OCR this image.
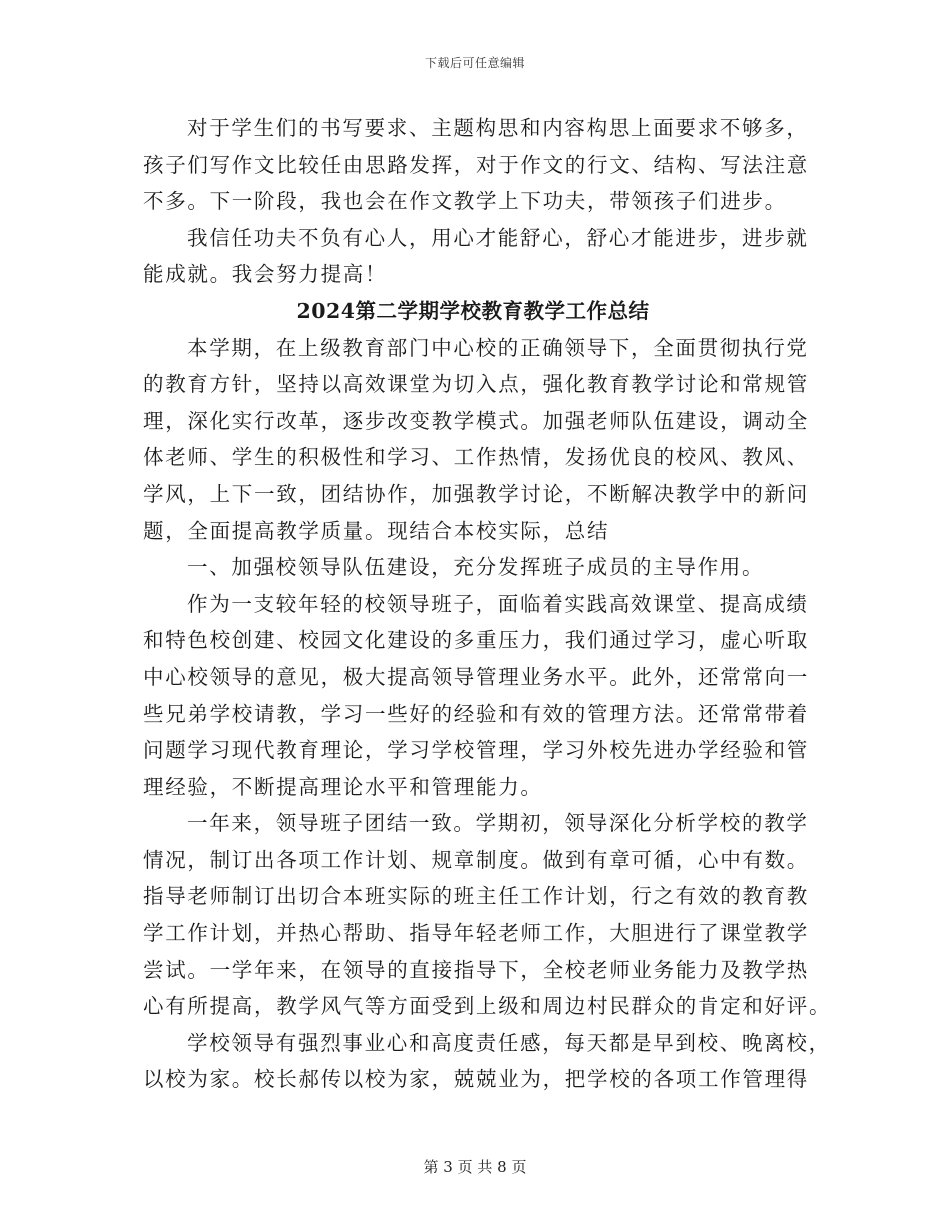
下载后可任意编辑
对于学生们的书写要求、主题构思和内容构思上面要求不够多，
孩子们写作文比较任由思路发挥，对于作文的行文、结构、写法注意
不多。下一阶段，我也会在作文教学上下功夫，带领孩子们进步。
我信任功夫不负有心人，用心才能舒心，舒心才能进步，进步就
能成就。我会努力提高！
2024第二学期学校教育教学工作总结
本学期，在上级教育部门中心校的正确领导下，全面贯彻执行党
的教育方针，坚持以高效课堂为切入点，强化教育教学讨论和常规管
理，深化实行改革，逐步改变教学模式。加强老师队伍建设，调动全
体老师、学生的积极性和学习、工作热情，发扬优良的校风、教风、
学风，上下一致，团结协作，加强教学讨论，不断解决教学中的新问
题，全面提高教学质量。现结合本校实际，总结
一、加强校领导队伍建设，充分发挥班子成员的主导作用。
作为一支较年轻的校领导班子，面临着实践高效课堂、提高成绩
和特色校创建、校园文化建设的多重压力，我们通过学习，虚心听取
中心校领导的意见，极大提高领导管理业务水平。此外，还常常向一
些兄弟学校请教，学习一些好的经验和有效的管理方法。还常常带着
问题学习现代教育理论，学习学校管理，学习外校先进办学经验和管
理经验，不断提高理论水平和管理能力。
一年来，领导班子团结一致。学期初，领导深化分析学校的教学
情况，制订出各项工作计划、规章制度。做到有章可循，心中有数。
指导老师制订出切合本班实际的班主任工作计划，行之有效的教育教
学工作计划，并热心帮助、指导年轻老师工作，大胆进行了课堂教学
尝试。一学年来，在领导的直接指导下，全校老师业务能力及教学热
心有所提高，教学风气等方面受到上级和周边村民群众的肯定和好评。
学校领导有强烈事业心和高度责任感，每天都是早到校、晚离校，
以校为家。校长郝传以校为家，兢兢业为，把学校的各项工作管理得
第 3 页 共 8 页
